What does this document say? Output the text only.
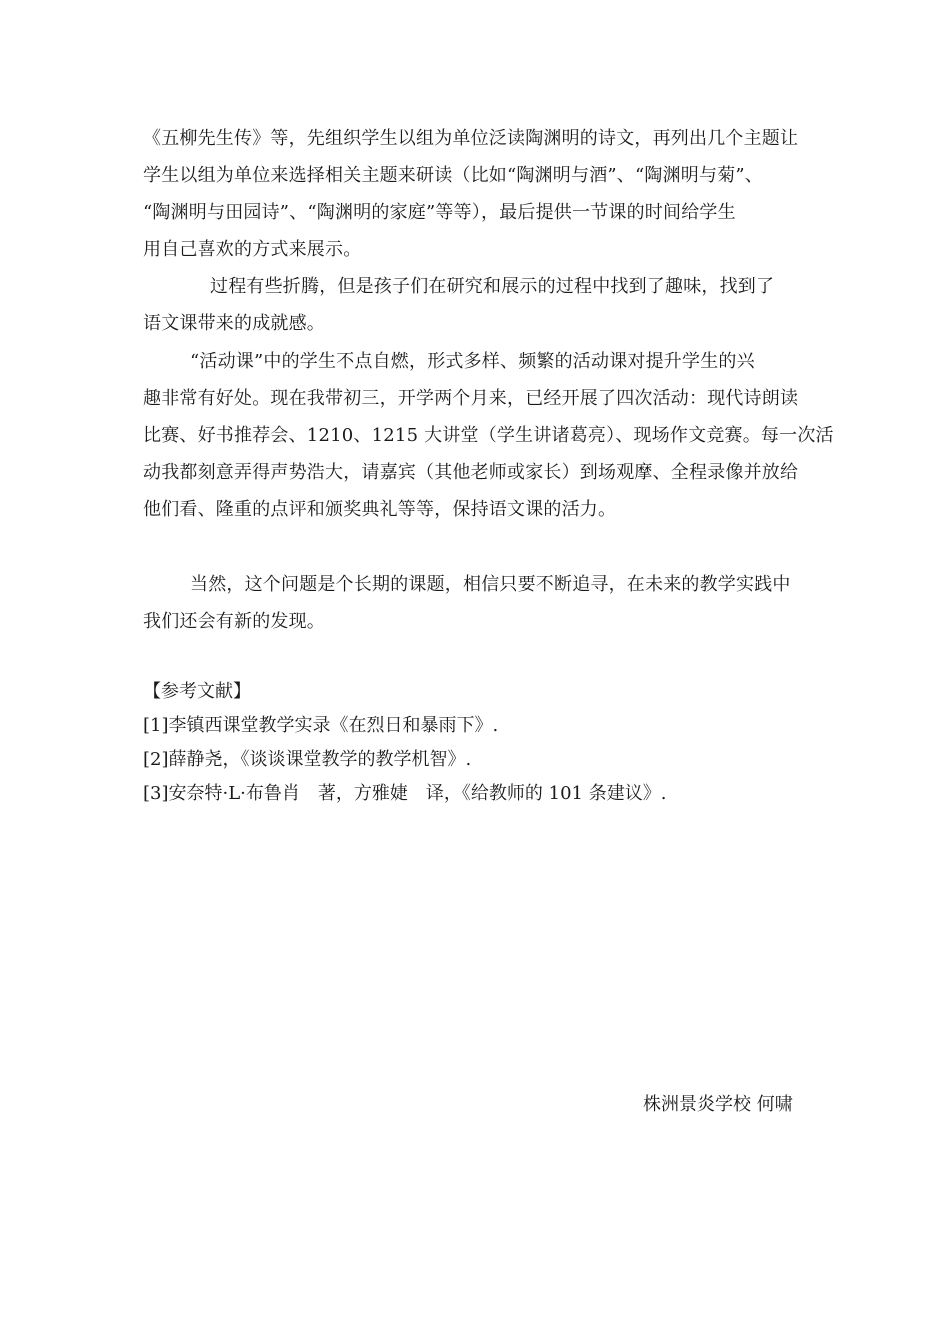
《五柳先生传》等，先组织学生以组为单位泛读陶渊明的诗文，再列出几个主题让
学生以组为单位来选择相关主题来研读（比如“陶渊明与酒”、“陶渊明与菊”、
“陶渊明与田园诗”、“陶渊明的家庭”等等），最后提供一节课的时间给学生
用自己喜欢的方式来展示。
过程有些折腾，但是孩子们在研究和展示的过程中找到了趣味，找到了
语文课带来的成就感。
“活动课”中的学生不点自燃，形式多样、频繁的活动课对提升学生的兴
趣非常有好处。现在我带初三，开学两个月来，已经开展了四次活动：现代诗朗读
比赛、好书推荐会、1210、1215 大讲堂（学生讲诸葛亮）、现场作文竞赛。每一次活
动我都刻意弄得声势浩大，请嘉宾（其他老师或家长）到场观摩、全程录像并放给
他们看、隆重的点评和颁奖典礼等等，保持语文课的活力。
当然，这个问题是个长期的课题，相信只要不断追寻，在未来的教学实践中
我们还会有新的发现。
【参考文献】
[1]李镇西课堂教学实录《在烈日和暴雨下》.
[2]薛静尧，《谈谈课堂教学的教学机智》.
[3]安奈特·L·布鲁肖　著，方雅婕　译，《给教师的 101 条建议》.
株洲景炎学校 何啸
